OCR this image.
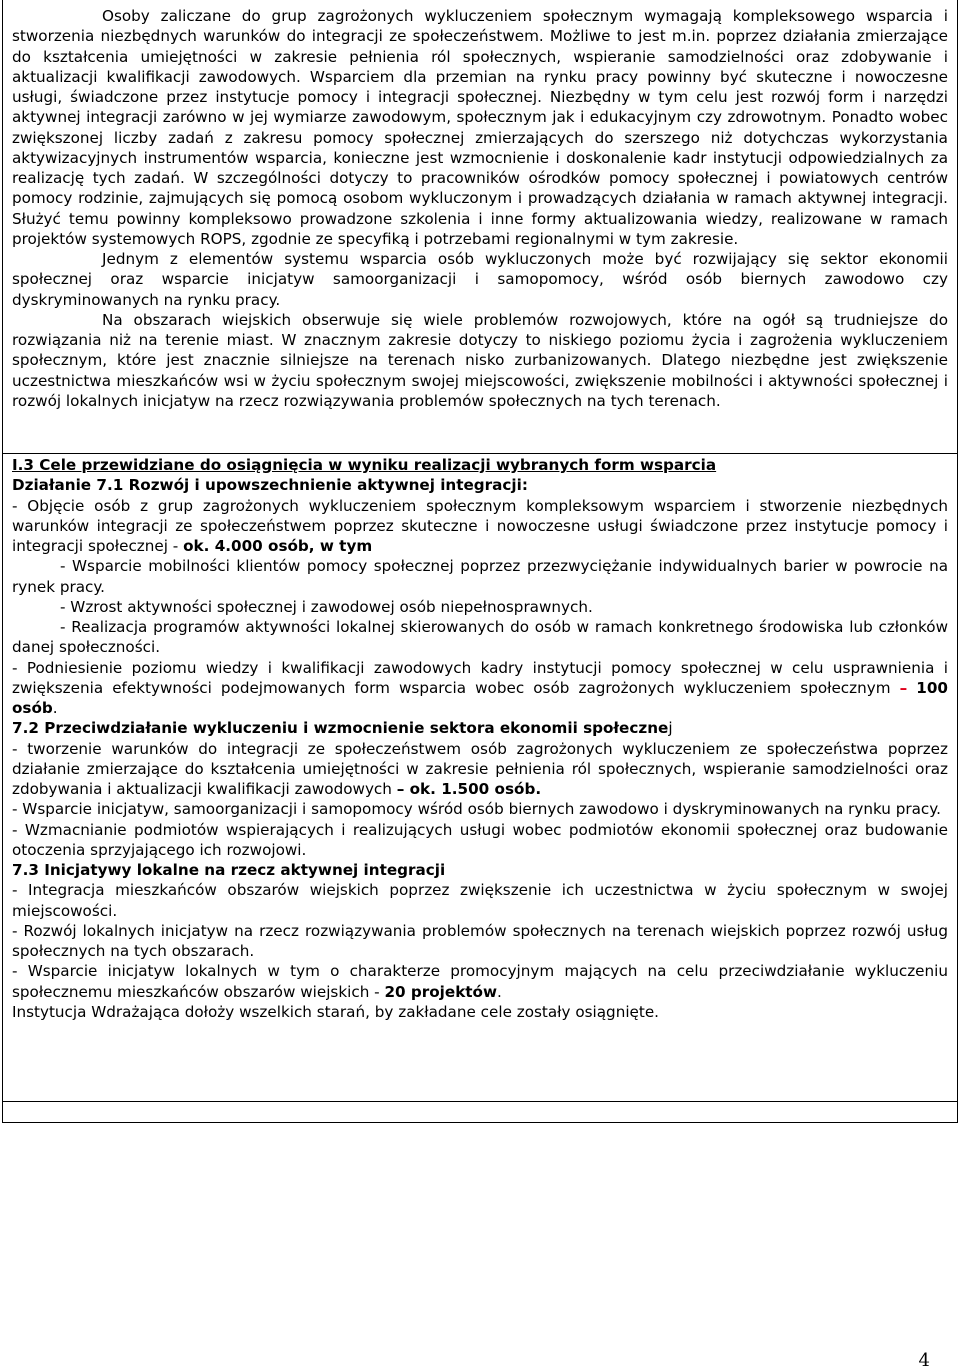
Osoby zaliczane do grup zagrożonych wykluczeniem społecznym wymagają kompleksowego wsparcia i stworzenia niezbędnych warunków do integracji ze społeczeństwem. Możliwe to jest m.in. poprzez działania zmierzające do kształcenia umiejętności w zakresie pełnienia ról społecznych, wspieranie samodzielności oraz zdobywanie i aktualizacji kwalifikacji zawodowych. Wsparciem dla przemian na rynku pracy powinny być skuteczne i nowoczesne usługi, świadczone przez instytucje pomocy i integracji społecznej. Niezbędny w tym celu jest rozwój form i narzędzi aktywnej integracji zarówno w jej wymiarze zawodowym, społecznym jak i edukacyjnym czy zdrowotnym. Ponadto wobec zwiększonej liczby zadań z zakresu pomocy społecznej zmierzających do szerszego niż dotychczas wykorzystania aktywizacyjnych instrumentów wsparcia, konieczne jest wzmocnienie i doskonalenie kadr instytucji odpowiedzialnych za realizację tych zadań. W szczególności dotyczy to pracowników ośrodków pomocy społecznej i powiatowych centrów pomocy rodzinie, zajmujących się pomocą osobom wykluczonym i prowadzących działania w ramach aktywnej integracji. Służyć temu powinny kompleksowo prowadzone szkolenia i inne formy aktualizowania wiedzy, realizowane w ramach projektów systemowych ROPS, zgodnie ze specyfiką i potrzebami regionalnymi w tym zakresie.

Jednym z elementów systemu wsparcia osób wykluczonych może być rozwijający się sektor ekonomii społecznej oraz wsparcie inicjatyw samoorganizacji i samopomocy, wśród osób biernych zawodowo czy dyskryminowanych na rynku pracy.

Na obszarach wiejskich obserwuje się wiele problemów rozwojowych, które na ogół są trudniejsze do rozwiązania niż na terenie miast. W znacznym zakresie dotyczy to niskiego poziomu życia i zagrożenia wykluczeniem społecznym, które jest znacznie silniejsze na terenach nisko zurbanizowanych. Dlatego niezbędne jest zwiększenie uczestnictwa mieszkańców wsi w życiu społecznym swojej miejscowości, zwiększenie mobilności i aktywności społecznej i rozwój lokalnych inicjatyw na rzecz rozwiązywania problemów społecznych na tych terenach.

I.3 Cele przewidziane do osiągnięcia w wyniku realizacji wybranych form wsparcia

Działanie 7.1 Rozwój i upowszechnienie aktywnej integracji:

- Objęcie osób z grup zagrożonych wykluczeniem społecznym kompleksowym wsparciem i stworzenie niezbędnych warunków integracji ze społeczeństwem poprzez skuteczne i nowoczesne usługi świadczone przez instytucje pomocy i integracji społecznej - ok. 4.000 osób, w tym

- Wsparcie mobilności klientów pomocy społecznej poprzez przezwyciężanie indywidualnych barier w powrocie na rynek pracy.

- Wzrost aktywności społecznej i zawodowej osób niepełnosprawnych.

- Realizacja programów aktywności lokalnej skierowanych do osób w ramach konkretnego środowiska lub członków danej społeczności.

- Podniesienie poziomu wiedzy i kwalifikacji zawodowych kadry instytucji pomocy społecznej w celu usprawnienia i zwiększenia efektywności podejmowanych form wsparcia wobec osób zagrożonych wykluczeniem społecznym – 100 osób.

7.2 Przeciwdziałanie wykluczeniu i wzmocnienie sektora ekonomii społecznej

- tworzenie warunków do integracji ze społeczeństwem osób zagrożonych wykluczeniem ze społeczeństwa poprzez działanie zmierzające do kształcenia umiejętności w zakresie pełnienia ról społecznych, wspieranie samodzielności oraz zdobywania i aktualizacji kwalifikacji zawodowych – ok. 1.500 osób.

- Wsparcie inicjatyw, samoorganizacji i samopomocy wśród osób biernych zawodowo i dyskryminowanych na rynku pracy.

- Wzmacnianie podmiotów wspierających i realizujących usługi wobec podmiotów ekonomii społecznej oraz budowanie otoczenia sprzyjającego ich rozwojowi.

7.3 Inicjatywy lokalne na rzecz aktywnej integracji

- Integracja mieszkańców obszarów wiejskich poprzez zwiększenie ich uczestnictwa w życiu społecznym w swojej miejscowości.

- Rozwój lokalnych inicjatyw na rzecz rozwiązywania problemów społecznych na terenach wiejskich poprzez rozwój usług społecznych na tych obszarach.

- Wsparcie inicjatyw lokalnych w tym o charakterze promocyjnym mających na celu przeciwdziałanie wykluczeniu społecznemu mieszkańców obszarów wiejskich - 20 projektów.

Instytucja Wdrażająca dołoży wszelkich starań, by zakładane cele zostały osiągnięte.

4
